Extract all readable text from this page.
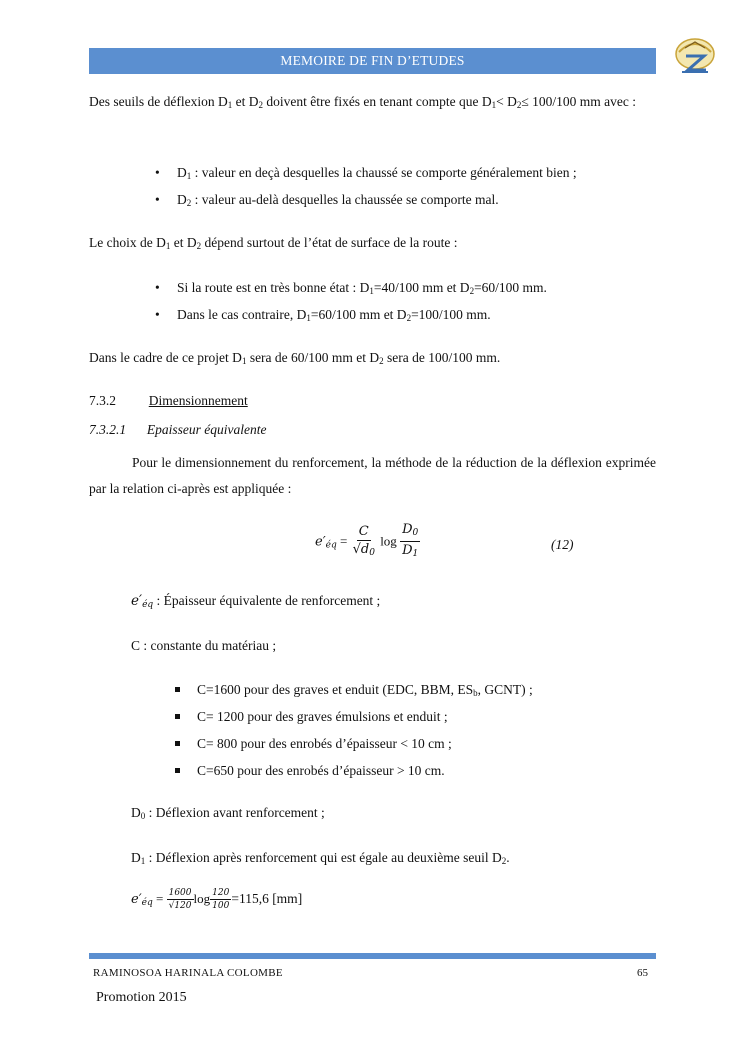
MEMOIRE DE FIN D’ETUDES
Des seuils de déflexion $D_1$ et $D_2$ doivent être fixés en tenant compte que $D_1< D_2\le 100/100$ mm avec :
• $D_1$ : valeur en deçà desquelles la chaussé se comporte généralement bien ;
• $D_2$ : valeur au-delà desquelles la chaussée se comporte mal.
Le choix de $D_1$ et $D_2$ dépend surtout de l’état de surface de la route :
• Si la route est en très bonne état : $D_1=40/100$ mm et $D_2=60/100$ mm.
• Dans le cas contraire, $D_1=60/100$ mm et $D_2=100/100$ mm.
Dans le cadre de ce projet $D_1$ sera de 60/100 mm et $D_2$ sera de 100/100 mm.
7.3.2 Dimensionnement
7.3.2.1 Epaisseur équivalente
Pour le dimensionnement du renforcement, la méthode de la réduction de la déflexion exprimée par la relation ci-après est appliquée :
$e'_{éq} = \frac{C}{√d_0}$ $\log \frac{D_0}{D_1}$	(12)
$e'_{éq}$ : Épaisseur équivalente de renforcement ;
C : constante du matériau ;
C=1600 pour des graves et enduit (EDC, BBM, $ES_b$, GCNT) ;
C= 1200 pour des graves émulsions et enduit ;
C= 800 pour des enrobés d’épaisseur < 10 cm ;
C=650 pour des enrobés d’épaisseur > 10 cm.
$D_0$ : Déflexion avant renforcement ;
$D_1$ : Déflexion après renforcement qui est égale au deuxième seuil $D_2$.
$e'_{éq} = \frac{1600}{√120}$ $\log \frac{120}{100} =115,6$ [mm]
RAMINOSOA HARINALA COLOMBE	65
Promotion 2015
